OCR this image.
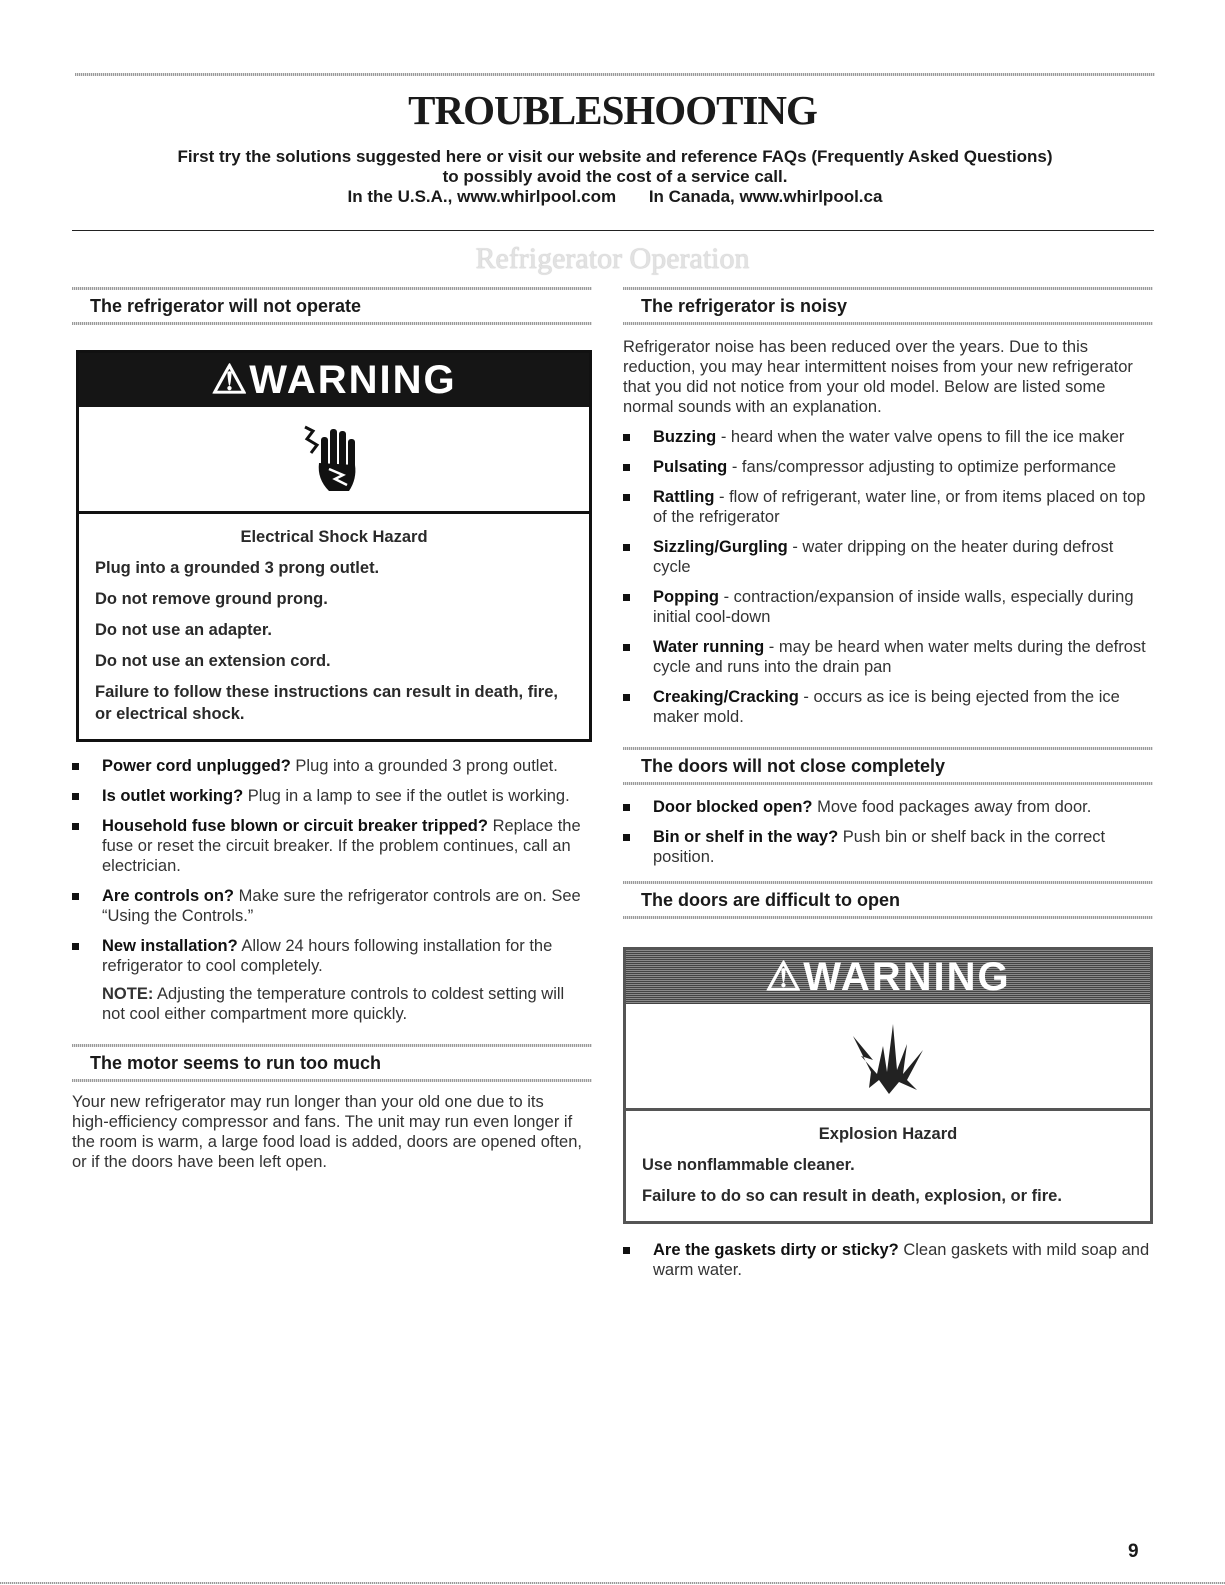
TROUBLESHOOTING
First try the solutions suggested here or visit our website and reference FAQs (Frequently Asked Questions)
to possibly avoid the cost of a service call.
In the U.S.A., www.whirlpool.com In Canada, www.whirlpool.ca
Refrigerator Operation
The refrigerator will not operate
⚠WARNING

Electrical Shock Hazard

Plug into a grounded 3 prong outlet.

Do not remove ground prong.

Do not use an adapter.

Do not use an extension cord.

Failure to follow these instructions can result in death, fire, or electrical shock.

Power cord unplugged? Plug into a grounded 3 prong outlet.
Is outlet working? Plug in a lamp to see if the outlet is working.
Household fuse blown or circuit breaker tripped? Replace the fuse or reset the circuit breaker. If the problem continues, call an electrician.
Are controls on? Make sure the refrigerator controls are on. See “Using the Controls.”
New installation? Allow 24 hours following installation for the refrigerator to cool completely.

NOTE: Adjusting the temperature controls to coldest setting will not cool either compartment more quickly.

The motor seems to run too much

Your new refrigerator may run longer than your old one due to its high-efficiency compressor and fans. The unit may run even longer if the room is warm, a large food load is added, doors are opened often, or if the doors have been left open.

The refrigerator is noisy

Refrigerator noise has been reduced over the years. Due to this reduction, you may hear intermittent noises from your new refrigerator that you did not notice from your old model. Below are listed some normal sounds with an explanation.

Buzzing - heard when the water valve opens to fill the ice maker
Pulsating - fans/compressor adjusting to optimize performance
Rattling - flow of refrigerant, water line, or from items placed on top of the refrigerator
Sizzling/Gurgling - water dripping on the heater during defrost cycle
Popping - contraction/expansion of inside walls, especially during initial cool-down
Water running - may be heard when water melts during the defrost cycle and runs into the drain pan
Creaking/Cracking - occurs as ice is being ejected from the ice maker mold.
The doors will not close completely
Door blocked open? Move food packages away from door.
Bin or shelf in the way? Push bin or shelf back in the correct position.
The doors are difficult to open
⚠WARNING

Explosion Hazard

Use nonflammable cleaner.

Failure to do so can result in death, explosion, or fire.

Are the gaskets dirty or sticky? Clean gaskets with mild soap and warm water.
9
